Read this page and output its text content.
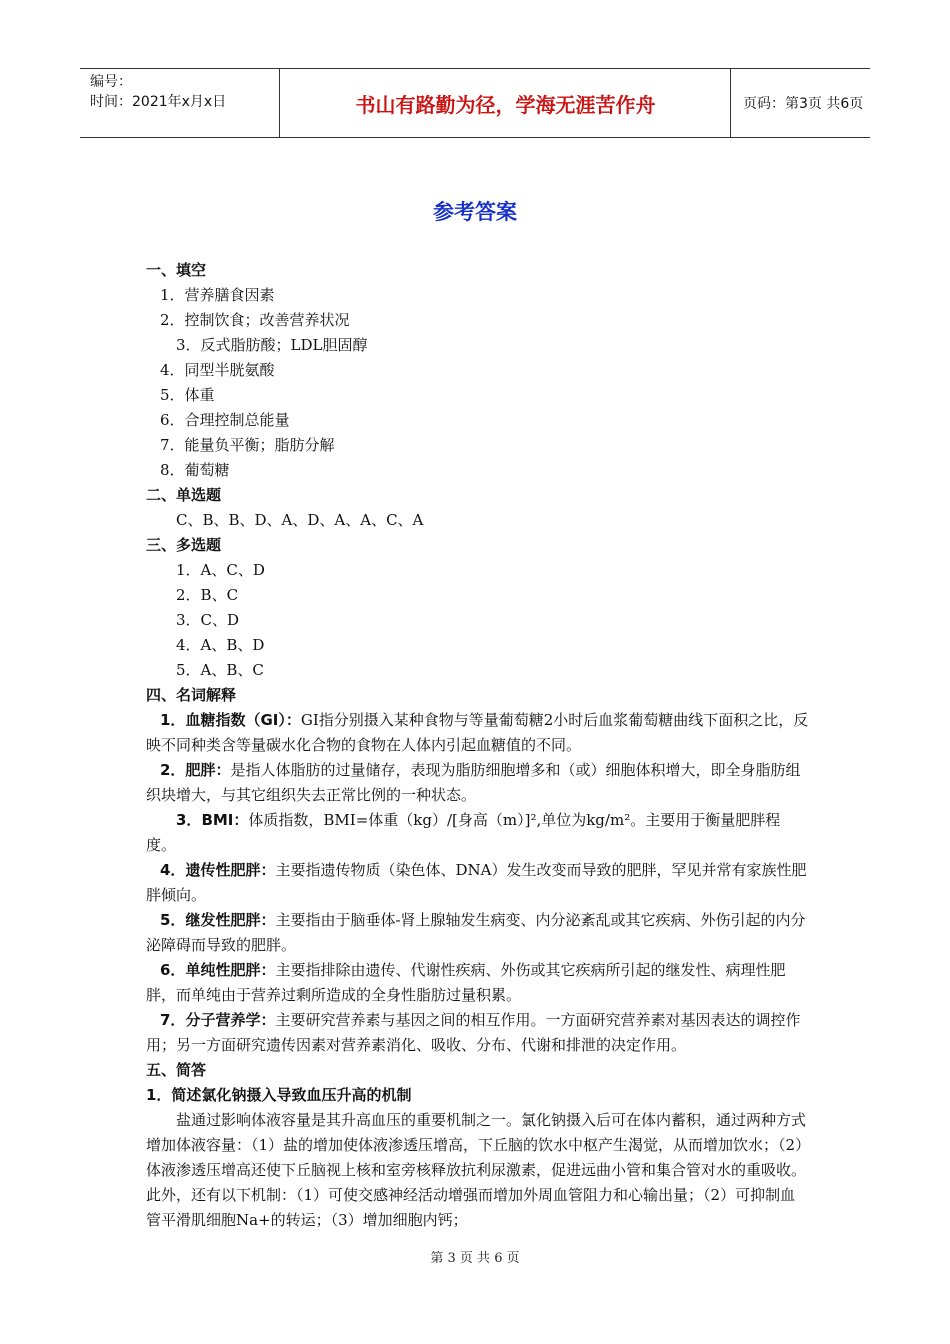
编号：
时间：2021年x月x日	书山有路勤为径，学海无涯苦作舟	页码：第3页 共6页
参考答案
一、填空
1．营养膳食因素
2．控制饮食；改善营养状况
3．反式脂肪酸；LDL胆固醇
4．同型半胱氨酸
5．体重
6．合理控制总能量
7．能量负平衡；脂肪分解
8．葡萄糖
二、单选题
C、B、B、D、A、D、A、A、C、A
三、多选题
1．A、C、D
2．B、C
3．C、D
4．A、B、D
5．A、B、C
四、名词解释
1．血糖指数（GI）：GI指分别摄入某种食物与等量葡萄糖2小时后血浆葡萄糖曲线下面积之比，反映不同种类含等量碳水化合物的食物在人体内引起血糖值的不同。
2．肥胖：是指人体脂肪的过量储存，表现为脂肪细胞增多和（或）细胞体积增大，即全身脂肪组织块增大，与其它组织失去正常比例的一种状态。
3．BMI：体质指数，BMI=体重（kg）/[身高（m）]²,单位为kg/m²。主要用于衡量肥胖程度。
4．遗传性肥胖：主要指遗传物质（染色体、DNA）发生改变而导致的肥胖，罕见并常有家族性肥胖倾向。
5．继发性肥胖：主要指由于脑垂体-肾上腺轴发生病变、内分泌紊乱或其它疾病、外伤引起的内分泌障碍而导致的肥胖。
6．单纯性肥胖：主要指排除由遗传、代谢性疾病、外伤或其它疾病所引起的继发性、病理性肥胖，而单纯由于营养过剩所造成的全身性脂肪过量积累。
7．分子营养学：主要研究营养素与基因之间的相互作用。一方面研究营养素对基因表达的调控作用；另一方面研究遗传因素对营养素消化、吸收、分布、代谢和排泄的决定作用。
五、简答
1．简述氯化钠摄入导致血压升高的机制
盐通过影响体液容量是其升高血压的重要机制之一。氯化钠摄入后可在体内蓄积，通过两种方式增加体液容量：（1）盐的增加使体液渗透压增高，下丘脑的饮水中枢产生渴觉，从而增加饮水；（2）体液渗透压增高还使下丘脑视上核和室旁核释放抗利尿激素，促进远曲小管和集合管对水的重吸收。此外，还有以下机制：（1）可使交感神经活动增强而增加外周血管阻力和心输出量；（2）可抑制血管平滑肌细胞Na+的转运；（3）增加细胞内钙；
第 3 页 共 6 页
